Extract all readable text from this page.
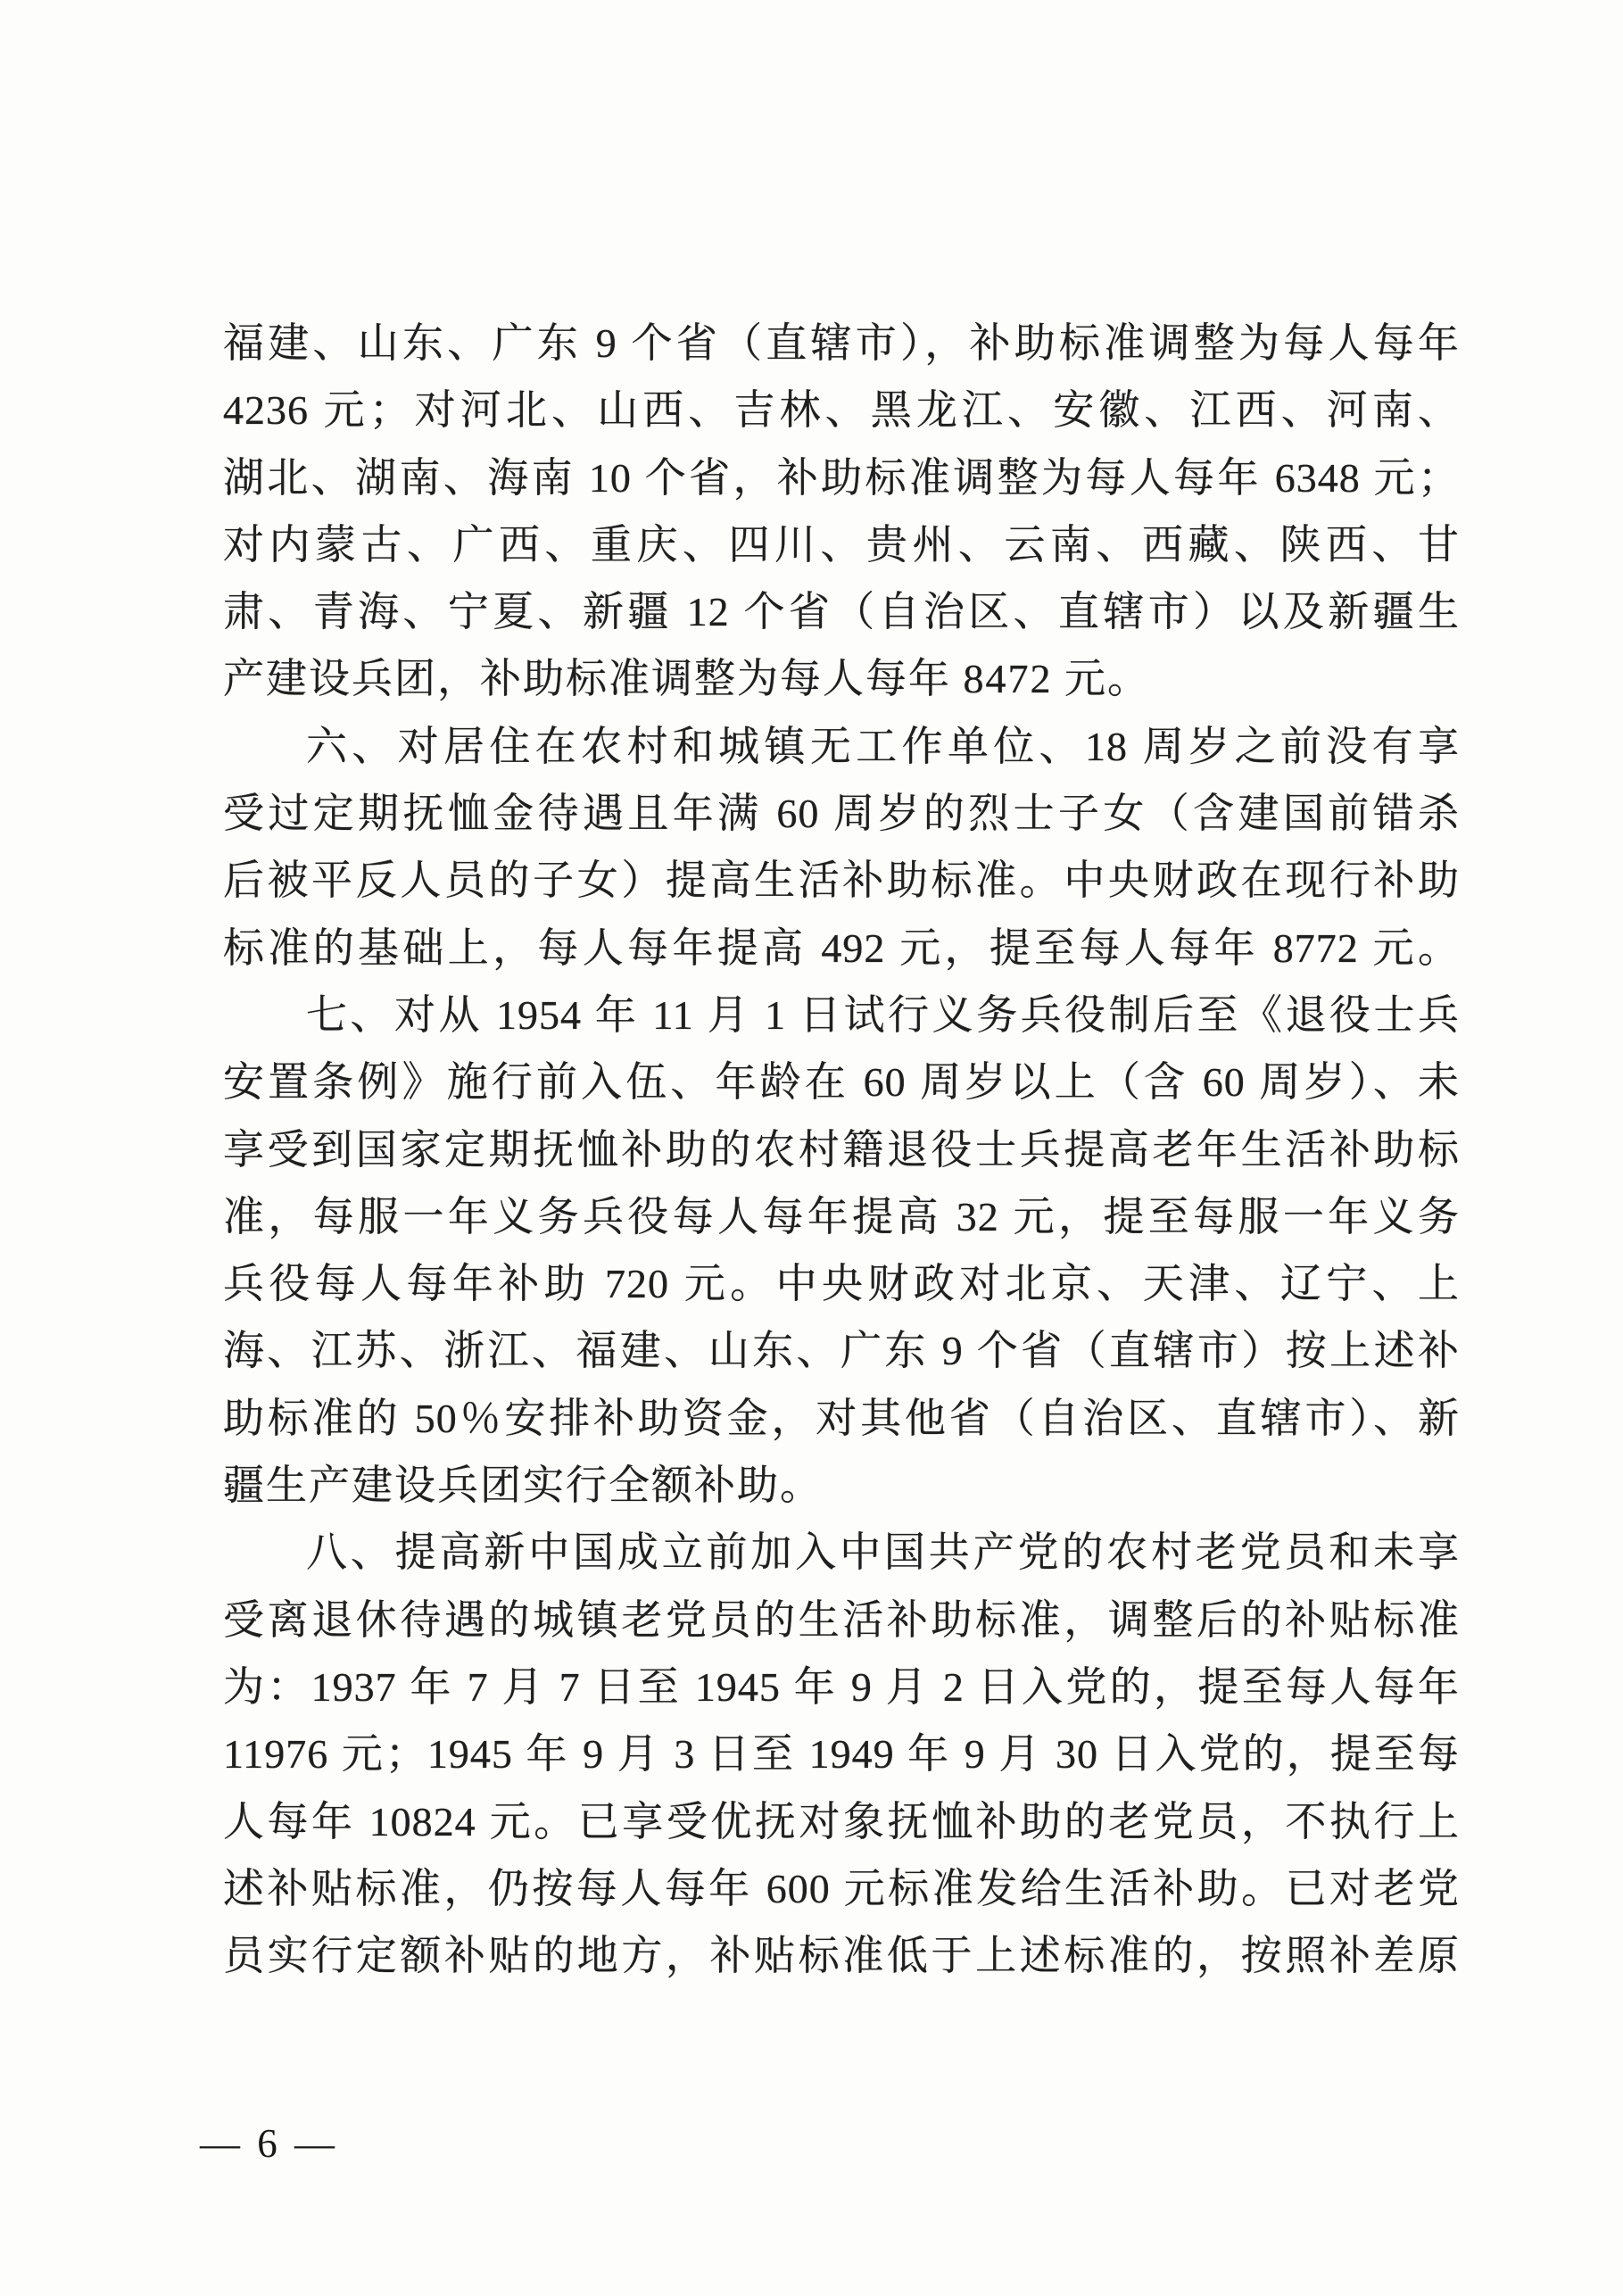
福建、山东、广东 9 个省（直辖市），补助标准调整为每人每年
4236 元；对河北、山西、吉林、黑龙江、安徽、江西、河南、
湖北、湖南、海南 10 个省，补助标准调整为每人每年 6348 元；
对内蒙古、广西、重庆、四川、贵州、云南、西藏、陕西、甘
肃、青海、宁夏、新疆 12 个省（自治区、直辖市）以及新疆生
产建设兵团，补助标准调整为每人每年 8472 元。
六、对居住在农村和城镇无工作单位、18 周岁之前没有享
受过定期抚恤金待遇且年满 60 周岁的烈士子女（含建国前错杀
后被平反人员的子女）提高生活补助标准。中央财政在现行补助
标准的基础上，每人每年提高 492 元，提至每人每年 8772 元。
七、对从 1954 年 11 月 1 日试行义务兵役制后至《退役士兵
安置条例》施行前入伍、年龄在 60 周岁以上（含 60 周岁）、未
享受到国家定期抚恤补助的农村籍退役士兵提高老年生活补助标
准，每服一年义务兵役每人每年提高 32 元，提至每服一年义务
兵役每人每年补助 720 元。中央财政对北京、天津、辽宁、上
海、江苏、浙江、福建、山东、广东 9 个省（直辖市）按上述补
助标准的 50％安排补助资金，对其他省（自治区、直辖市）、新
疆生产建设兵团实行全额补助。
八、提高新中国成立前加入中国共产党的农村老党员和未享
受离退休待遇的城镇老党员的生活补助标准，调整后的补贴标准
为：1937 年 7 月 7 日至 1945 年 9 月 2 日入党的，提至每人每年
11976 元；1945 年 9 月 3 日至 1949 年 9 月 30 日入党的，提至每
人每年 10824 元。已享受优抚对象抚恤补助的老党员，不执行上
述补贴标准，仍按每人每年 600 元标准发给生活补助。已对老党
员实行定额补贴的地方，补贴标准低于上述标准的，按照补差原
— 6 —
